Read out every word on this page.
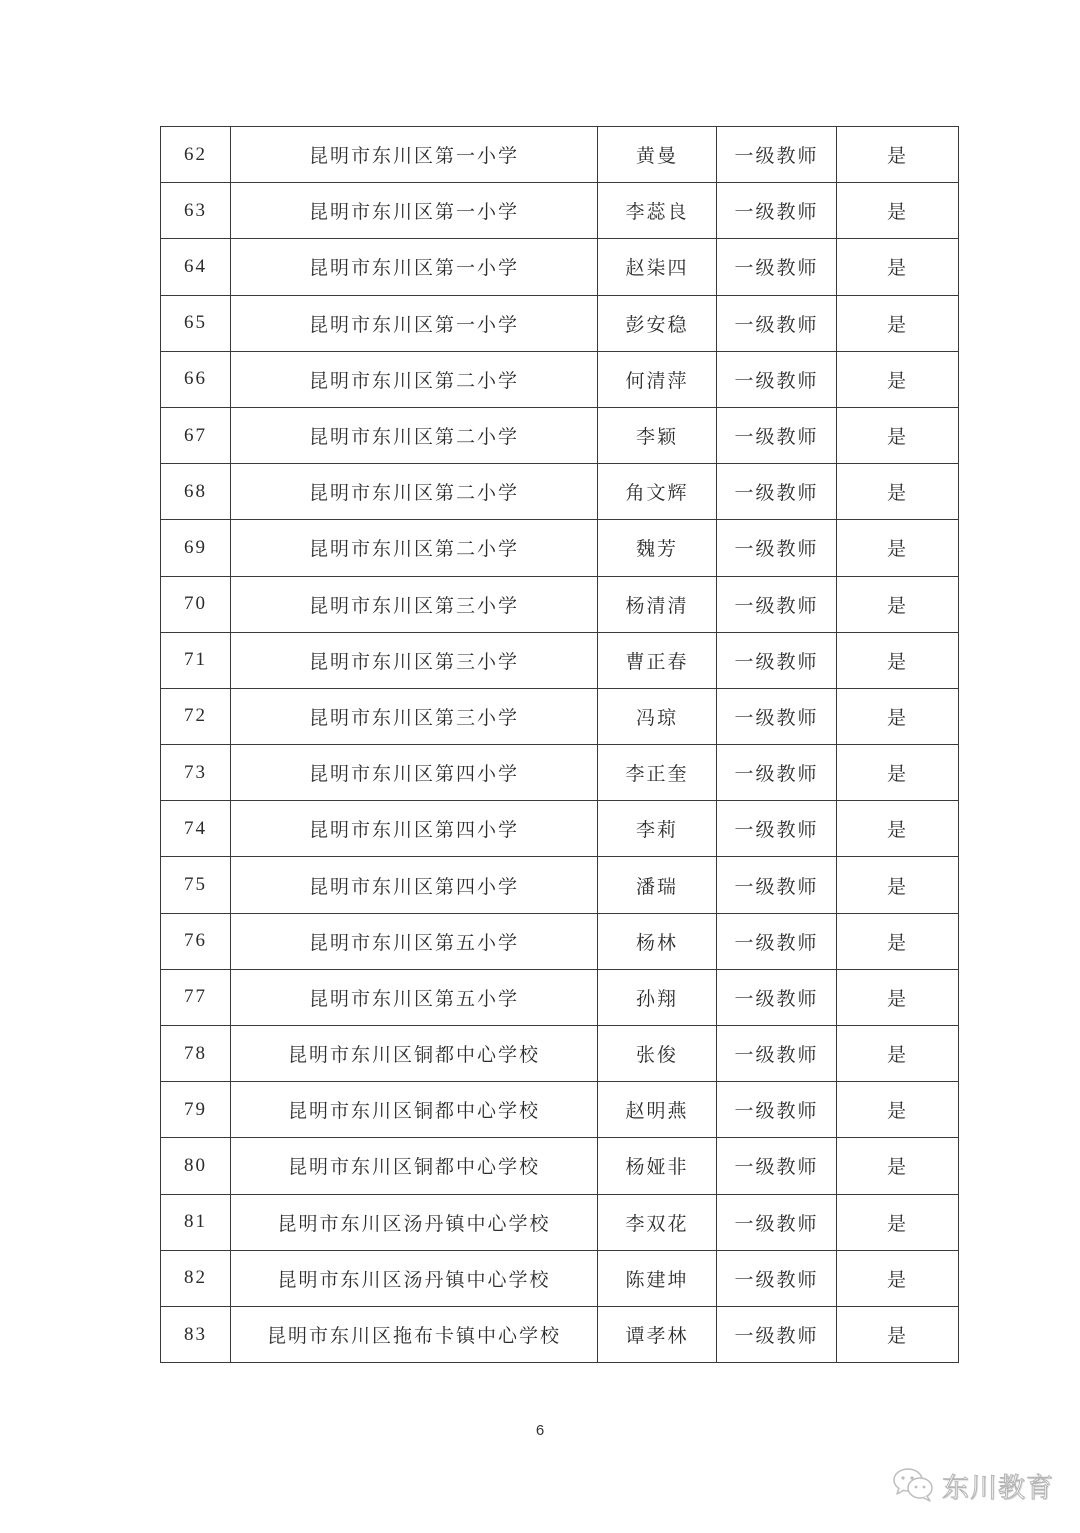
62	昆明市东川区第一小学	黄曼	一级教师	是
63	昆明市东川区第一小学	李蕊良	一级教师	是
64	昆明市东川区第一小学	赵柒四	一级教师	是
65	昆明市东川区第一小学	彭安稳	一级教师	是
66	昆明市东川区第二小学	何清萍	一级教师	是
67	昆明市东川区第二小学	李颖	一级教师	是
68	昆明市东川区第二小学	角文辉	一级教师	是
69	昆明市东川区第二小学	魏芳	一级教师	是
70	昆明市东川区第三小学	杨清清	一级教师	是
71	昆明市东川区第三小学	曹正春	一级教师	是
72	昆明市东川区第三小学	冯琼	一级教师	是
73	昆明市东川区第四小学	李正奎	一级教师	是
74	昆明市东川区第四小学	李莉	一级教师	是
75	昆明市东川区第四小学	潘瑞	一级教师	是
76	昆明市东川区第五小学	杨林	一级教师	是
77	昆明市东川区第五小学	孙翔	一级教师	是
78	昆明市东川区铜都中心学校	张俊	一级教师	是
79	昆明市东川区铜都中心学校	赵明燕	一级教师	是
80	昆明市东川区铜都中心学校	杨娅非	一级教师	是
81	昆明市东川区汤丹镇中心学校	李双花	一级教师	是
82	昆明市东川区汤丹镇中心学校	陈建坤	一级教师	是
83	昆明市东川区拖布卡镇中心学校	谭孝林	一级教师	是
6
东川教育
